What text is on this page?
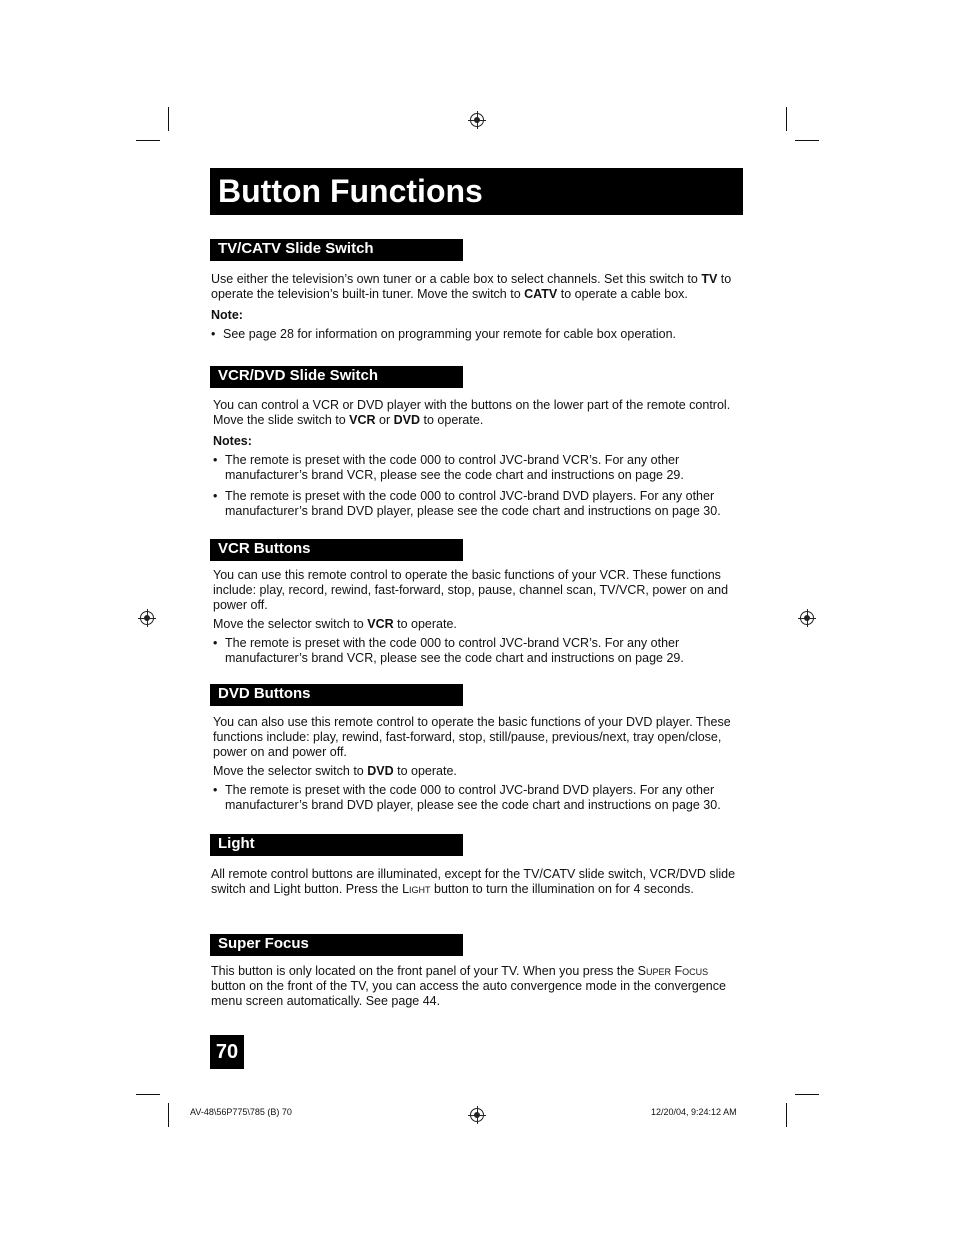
Button Functions
TV/CATV Slide Switch

Use either the television’s own tuner or a cable box to select channels. Set this switch to TV to operate the television’s built-in tuner. Move the switch to CATV to operate a cable box.

Note:

• See page 28 for information on programming your remote for cable box operation.
VCR/DVD Slide Switch

You can control a VCR or DVD player with the buttons on the lower part of the remote control. Move the slide switch to VCR or DVD to operate.

Notes:

• The remote is preset with the code 000 to control JVC-brand VCR’s. For any other manufacturer’s brand VCR, please see the code chart and instructions on page 29.
• The remote is preset with the code 000 to control JVC-brand DVD players. For any other manufacturer’s brand DVD player, please see the code chart and instructions on page 30.
VCR Buttons

You can use this remote control to operate the basic functions of your VCR. These functions include: play, record, rewind, fast-forward, stop, pause, channel scan, TV/VCR, power on and power off.

Move the selector switch to VCR to operate.

• The remote is preset with the code 000 to control JVC-brand VCR’s. For any other manufacturer’s brand VCR, please see the code chart and instructions on page 29.
DVD Buttons

You can also use this remote control to operate the basic functions of your DVD player. These functions include: play, rewind, fast-forward, stop, still/pause, previous/next, tray open/close, power on and power off.

Move the selector switch to DVD to operate.

• The remote is preset with the code 000 to control JVC-brand DVD players. For any other manufacturer’s brand DVD player, please see the code chart and instructions on page 30.
Light

All remote control buttons are illuminated, except for the TV/CATV slide switch, VCR/DVD slide switch and Light button. Press the Light button to turn the illumination on for 4 seconds.

Super Focus

This button is only located on the front panel of your TV. When you press the Super Focus button on the front of the TV, you can access the auto convergence mode in the convergence menu screen automatically. See page 44.

70
AV-48\56P775\785 (B) 70	12/20/04, 9:24:12 AM
